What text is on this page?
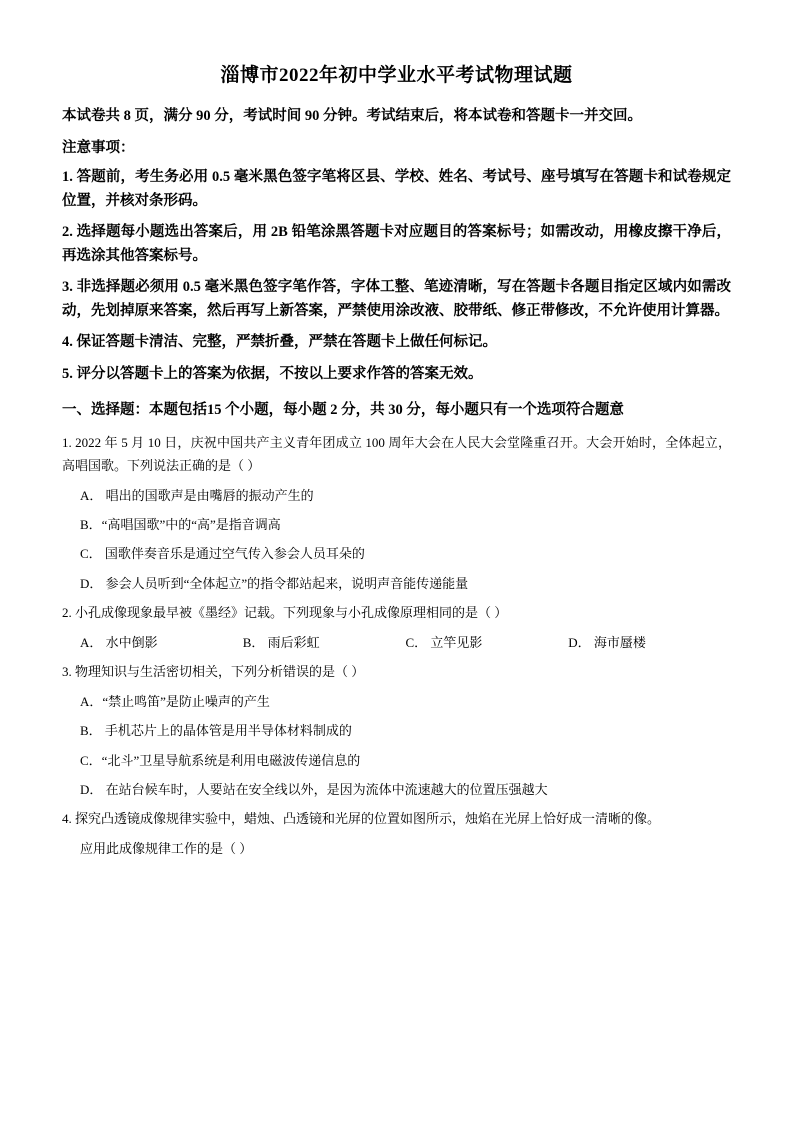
淄博市2022年初中学业水平考试物理试题
本试卷共 8 页，满分 90 分，考试时间 90 分钟。考试结束后，将本试卷和答题卡一并交回。
注意事项：
1. 答题前，考生务必用 0.5 毫米黑色签字笔将区县、学校、姓名、考试号、座号填写在答题卡和试卷规定位置，并核对条形码。
2. 选择题每小题选出答案后，用 2B 铅笔涂黑答题卡对应题目的答案标号；如需改动，用橡皮擦干净后，再选涂其他答案标号。
3. 非选择题必须用 0.5 毫米黑色签字笔作答，字体工整、笔迹清晰，写在答题卡各题目指定区域内如需改动，先划掉原来答案，然后再写上新答案，严禁使用涂改液、胶带纸、修正带修改，不允许使用计算器。
4. 保证答题卡清洁、完整，严禁折叠，严禁在答题卡上做任何标记。
5. 评分以答题卡上的答案为依据，不按以上要求作答的答案无效。
一、选择题：本题包括15 个小题，每小题 2 分，共 30 分，每小题只有一个选项符合题意
1. 2022 年 5 月 10 日，庆祝中国共产主义青年团成立 100 周年大会在人民大会堂隆重召开。大会开始时，全体起立，高唱国歌。下列说法正确的是（ ）
A． 唱出的国歌声是由嘴唇的振动产生的
B．“高唱国歌”中的“高”是指音调高
C． 国歌伴奏音乐是通过空气传入参会人员耳朵的
D． 参会人员听到“全体起立”的指令都站起来，说明声音能传递能量
2. 小孔成像现象最早被《墨经》记载。下列现象与小孔成像原理相同的是（ ）
A． 水中倒影	B． 雨后彩虹	C． 立竿见影	D． 海市蜃楼
3. 物理知识与生活密切相关，下列分析错误的是（ ）
A．“禁止鸣笛”是防止噪声的产生
B． 手机芯片上的晶体管是用半导体材料制成的
C．“北斗”卫星导航系统是利用电磁波传递信息的
D． 在站台候车时，人要站在安全线以外，是因为流体中流速越大的位置压强越大
4. 探究凸透镜成像规律实验中，蜡烛、凸透镜和光屏的位置如图所示，烛焰在光屏上恰好成一清晰的像。
应用此成像规律工作的是（ ）
